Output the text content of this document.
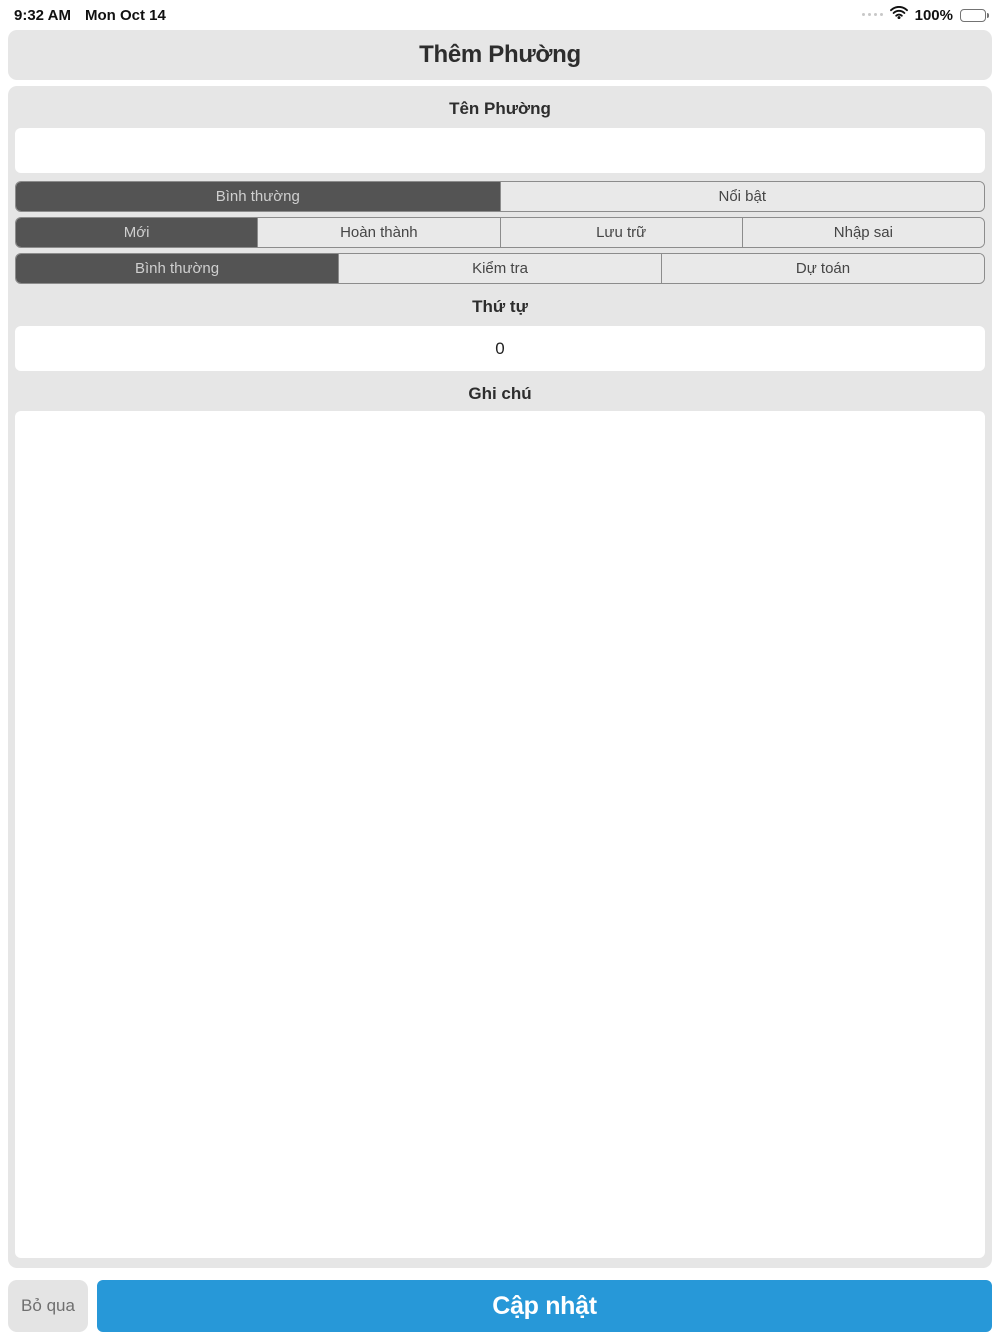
9:32 AM Mon Oct 14	100%
Thêm Phường
Tên Phường
Bình thường	Nổi bật
Mới	Hoàn thành	Lưu trữ	Nhập sai
Bình thường	Kiểm tra	Dự toán
Thứ tự
0
Ghi chú
Bỏ qua	Cập nhật
